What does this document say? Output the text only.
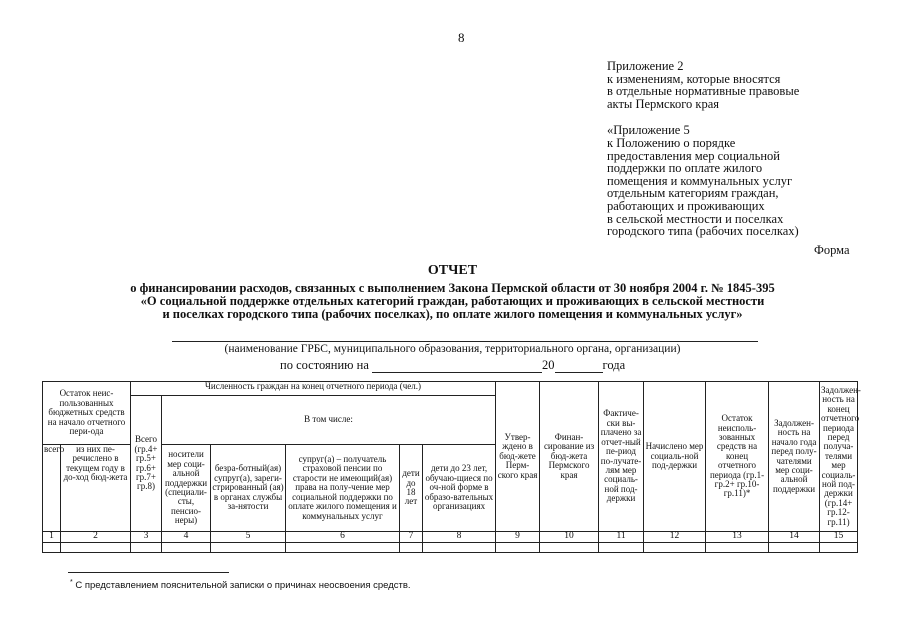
8
Приложение 2
к изменениям, которые вносятся
в отдельные нормативные правовые
акты Пермского края
«Приложение 5
к Положению о порядке
предоставления мер социальной
поддержки по оплате жилого
помещения и коммунальных услуг
отдельным категориям граждан,
работающих и проживающих
в сельской местности и поселках
городского типа (рабочих поселках)
Форма
ОТЧЕТ
о финансировании расходов, связанных с выполнением Закона Пермской области от 30 ноября 2004 г. № 1845-395
«О социальной поддержке отдельных категорий граждан, работающих и проживающих в сельской местности
и поселках городского типа (рабочих поселках), по оплате жилого помещения и коммунальных услуг»
(наименование ГРБС, муниципального образования, территориального органа, организации)
по состоянию на	20	года
Остаток неис-пользованных бюджетных средств на начало отчетного пери-ода		Численность граждан на конец отчетного периода (чел.)						Утвер-ждено в бюд-жете Перм-ского края	Финан-сирование из бюд-жета Пермского края	Фактиче-ски вы-плачено за отчет-ный пе-риод по-лучате-лям мер социаль-ной под-держки	Начислено мер социаль-ной под-держки	Остаток неисполь-зованных средств на конец отчетного периода (гр.1- гр.2+ гр.10- гр.11)*	Задолжен-ность на начало года перед полу-чателями мер соци-альной поддержки	Задолжен-ность на конец отчетного периода перед получа-телями мер социаль-ной под-держки (гр.14+ гр.12- гр.11)
		Всего (гр.4+ гр.5+ гр.6+ гр.7+ гр.8)	В том числе:											
всего	из них пе-речислено в текущем году в до-ход бюд-жета		носители мер соци-альной поддержки (специали-сты, пенсио-неры)	безра-ботный(ая) супруг(а), зареги-стрированный (ая) в органах службы за-нятости	супруг(а) – получатель страховой пенсии по старости не имеющий(ая) права на полу-чение мер социальной поддержки по оплате жилого помещения и коммунальных услуг	дети до 18 лет	дети до 23 лет, обучаю-щиеся по оч-ной форме в образо-вательных организациях							
1	2	3	4	5	6	7	8	9	10	11	12	13	14	15

* С представлением пояснительной записки о причинах неосвоения средств.
